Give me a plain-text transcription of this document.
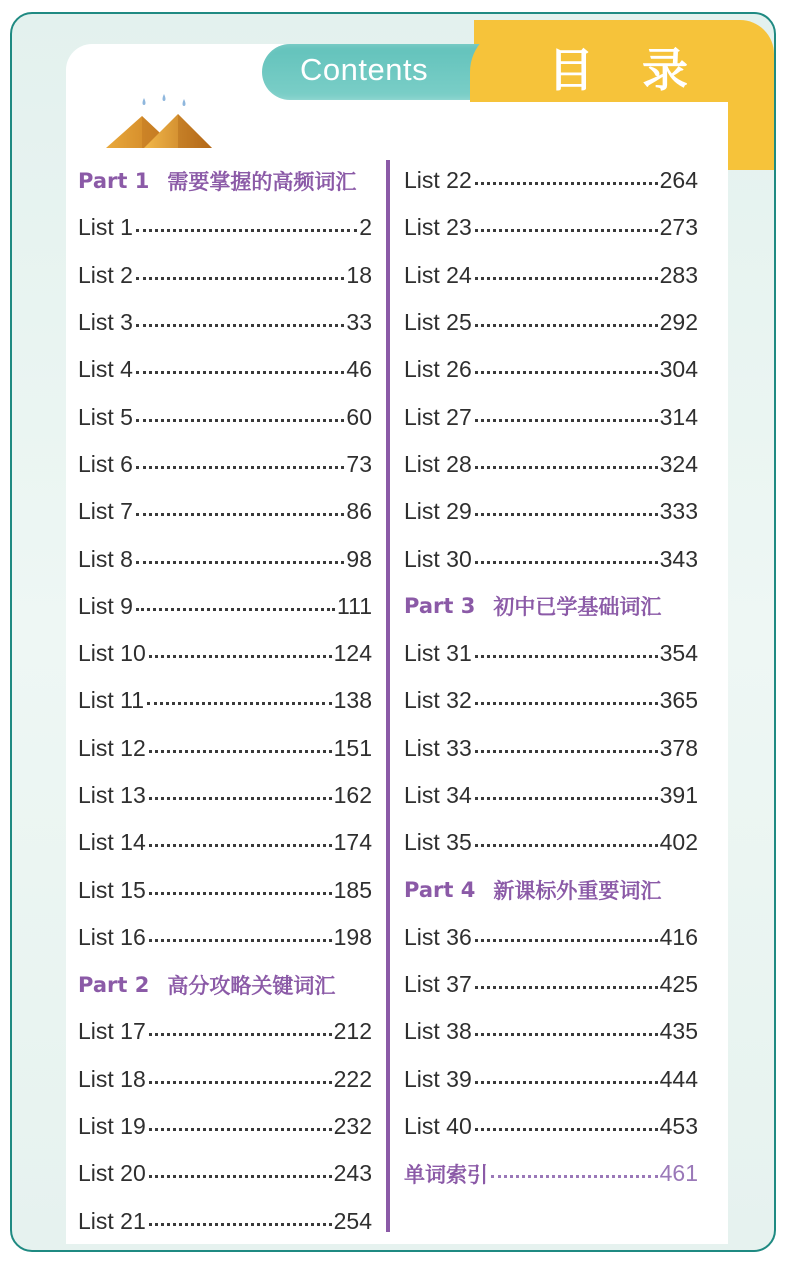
Contents	目 录
Part 1 需要掌握的高频词汇
List 1	2
List 2	18
List 3	33
List 4	46
List 5	60
List 6	73
List 7	86
List 8	98
List 9	111
List 10	124
List 11	138
List 12	151
List 13	162
List 14	174
List 15	185
List 16	198
Part 2 高分攻略关键词汇
List 17	212
List 18	222
List 19	232
List 20	243
List 21	254
List 22	264
List 23	273
List 24	283
List 25	292
List 26	304
List 27	314
List 28	324
List 29	333
List 30	343
Part 3 初中已学基础词汇
List 31	354
List 32	365
List 33	378
List 34	391
List 35	402
Part 4 新课标外重要词汇
List 36	416
List 37	425
List 38	435
List 39	444
List 40	453
单词索引	461
